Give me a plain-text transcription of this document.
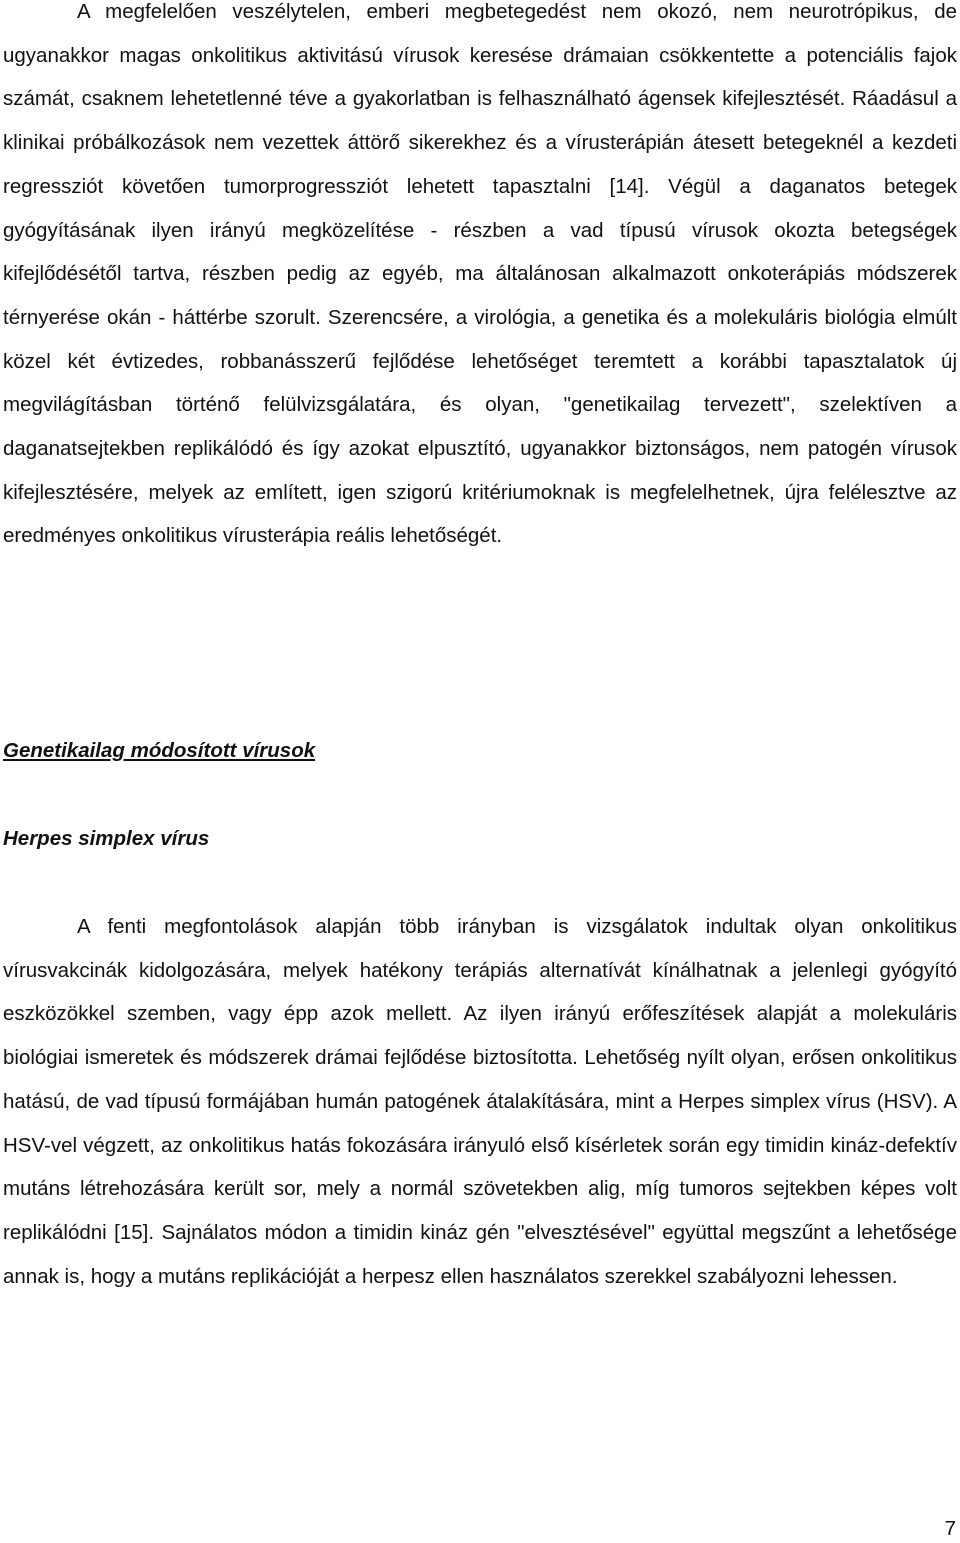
A megfelelően veszélytelen, emberi megbetegedést nem okozó, nem neurotrópikus, de ugyanakkor magas onkolitikus aktivitású vírusok keresése drámaian csökkentette a potenciális fajok számát, csaknem lehetetlenné téve a gyakorlatban is felhasználható ágensek kifejlesztését. Ráadásul a klinikai próbálkozások nem vezettek áttörő sikerekhez és a vírusterápián átesett betegeknél a kezdeti regressziót követően tumorprogressziót lehetett tapasztalni [14]. Végül a daganatos betegek gyógyításának ilyen irányú megközelítése - részben a vad típusú vírusok okozta betegségek kifejlődésétől tartva, részben pedig az egyéb, ma általánosan alkalmazott onkoterápiás módszerek térnyerése okán - háttérbe szorult. Szerencsére, a virológia, a genetika és a molekuláris biológia elmúlt közel két évtizedes, robbanásszerű fejlődése lehetőséget teremtett a korábbi tapasztalatok új megvilágításban történő felülvizsgálatára, és olyan, "genetikailag tervezett", szelektíven a daganatsejtekben replikálódó és így azokat elpusztító, ugyanakkor biztonságos, nem patogén vírusok kifejlesztésére, melyek az említett, igen szigorú kritériumoknak is megfelelhetnek, újra felélesztve az eredményes onkolitikus vírusterápia reális lehetőségét.

Genetikailag módosított vírusok
Herpes simplex vírus

A fenti megfontolások alapján több irányban is vizsgálatok indultak olyan onkolitikus vírusvakcinák kidolgozására, melyek hatékony terápiás alternatívát kínálhatnak a jelenlegi gyógyító eszközökkel szemben, vagy épp azok mellett. Az ilyen irányú erőfeszítések alapját a molekuláris biológiai ismeretek és módszerek drámai fejlődése biztosította. Lehetőség nyílt olyan, erősen onkolitikus hatású, de vad típusú formájában humán patogének átalakítására, mint a Herpes simplex vírus (HSV). A HSV-vel végzett, az onkolitikus hatás fokozására irányuló első kísérletek során egy timidin kináz-defektív mutáns létrehozására került sor, mely a normál szövetekben alig, míg tumoros sejtekben képes volt replikálódni [15]. Sajnálatos módon a timidin kináz gén "elvesztésével" együttal megszűnt a lehetősége annak is, hogy a mutáns replikációját a herpesz ellen használatos szerekkel szabályozni lehessen.

7
